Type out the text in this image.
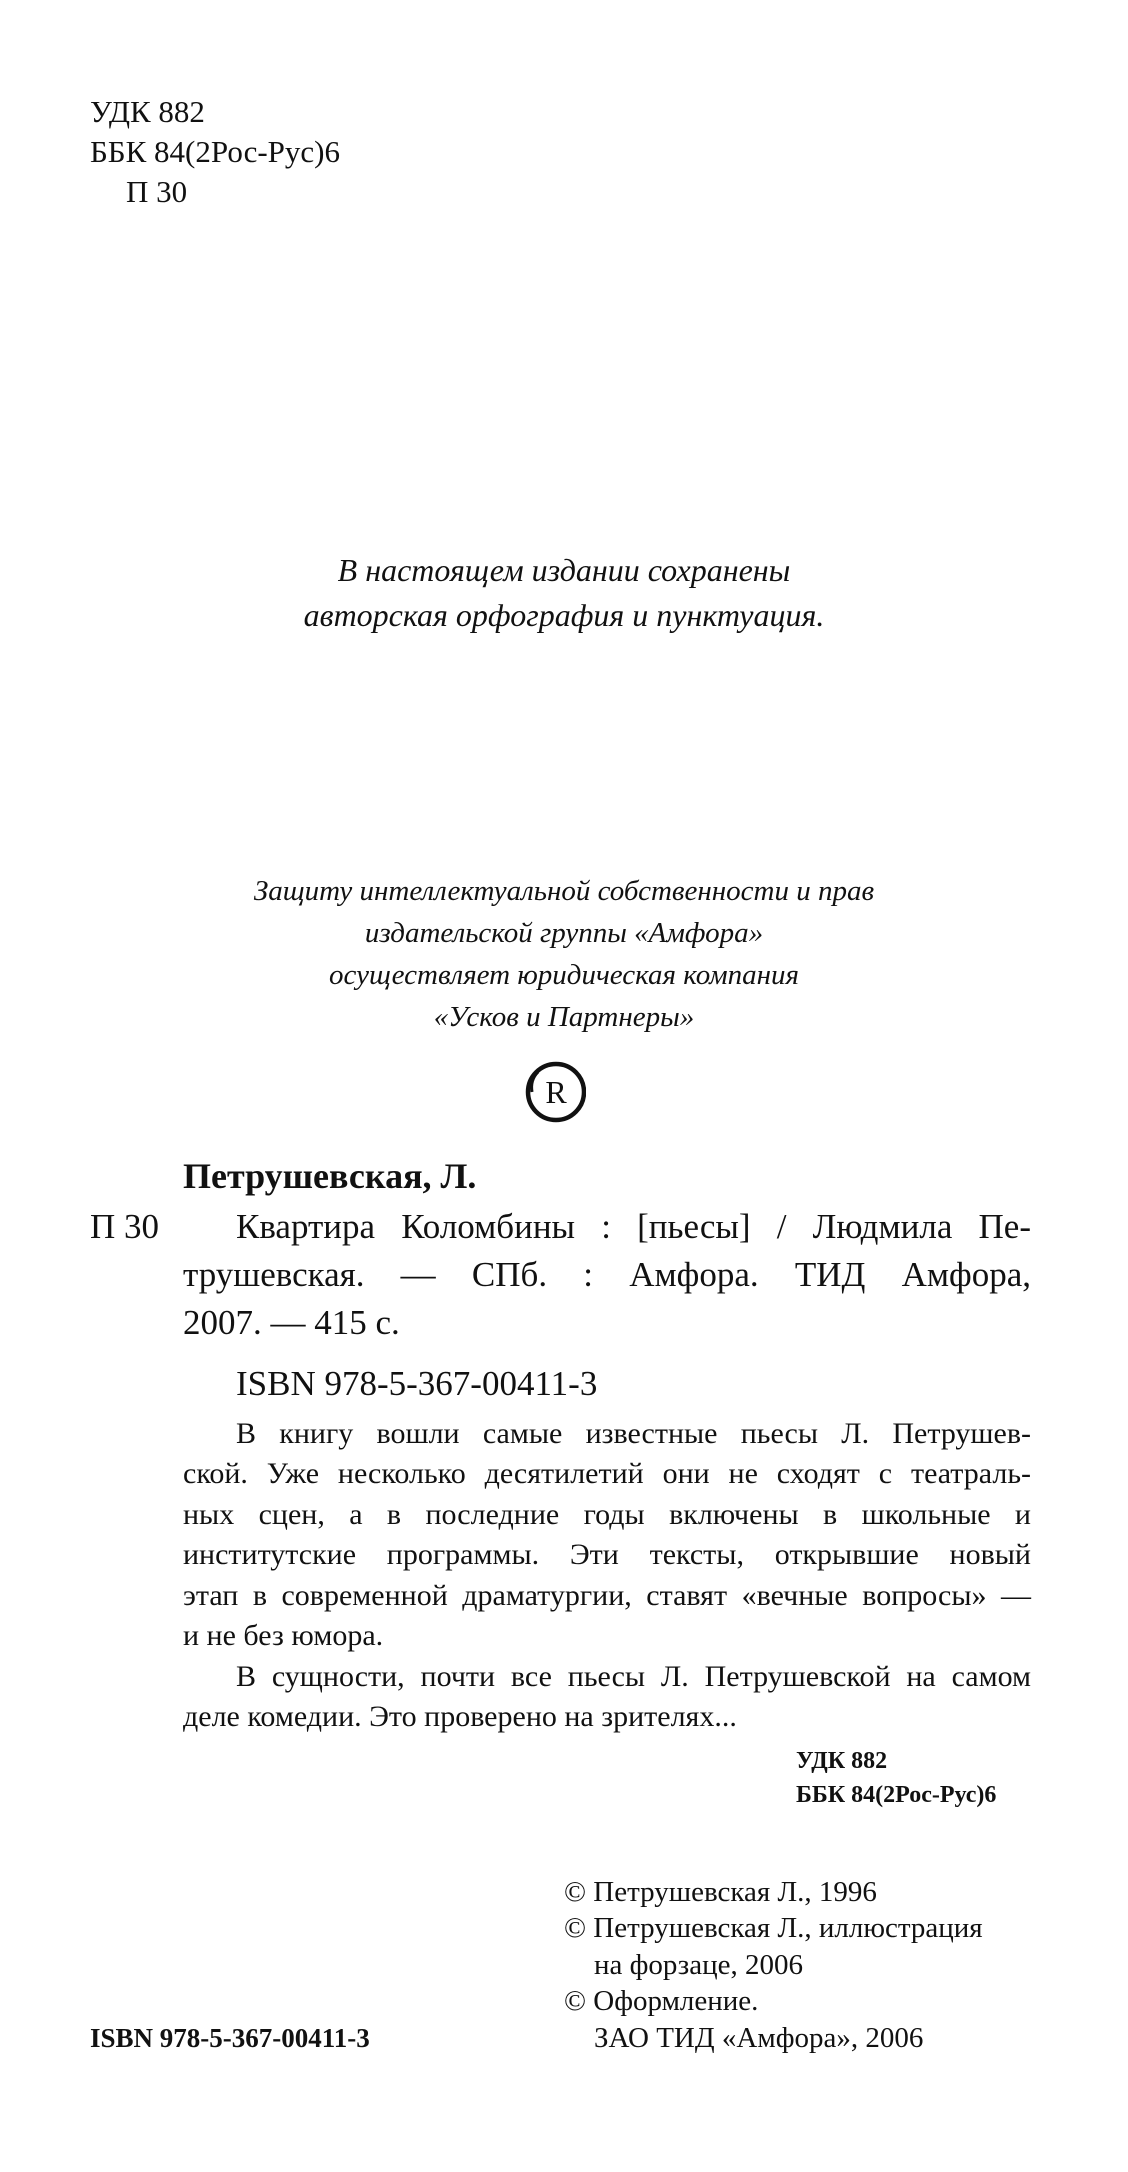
УДК 882
ББК 84(2Рос-Рус)6
П 30
В настоящем издании сохранены
авторская орфография и пунктуация.
Защиту интеллектуальной собственности и прав
издательской группы «Амфора»
осуществляет юридическая компания
«Усков и Партнеры»
R
Петрушевская, Л.
П 30 Квартира Коломбины : [пьесы] / Людмила Пе-
трушевская. — СПб. : Амфора. ТИД Амфора,
2007. — 415 с.
ISBN 978-5-367-00411-3
В книгу вошли самые известные пьесы Л. Петрушев-
ской. Уже несколько десятилетий они не сходят с театраль-
ных сцен, а в последние годы включены в школьные и
институтские программы. Эти тексты, открывшие новый
этап в современной драматургии, ставят «вечные вопросы» —
и не без юмора.
В сущности, почти все пьесы Л. Петрушевской на самом
деле комедии. Это проверено на зрителях...
УДК 882
ББК 84(2Рос-Рус)6
© Петрушевская Л., 1996
© Петрушевская Л., иллюстрация
на форзаце, 2006
© Оформление.
ЗАО ТИД «Амфора», 2006
ISBN 978-5-367-00411-3
